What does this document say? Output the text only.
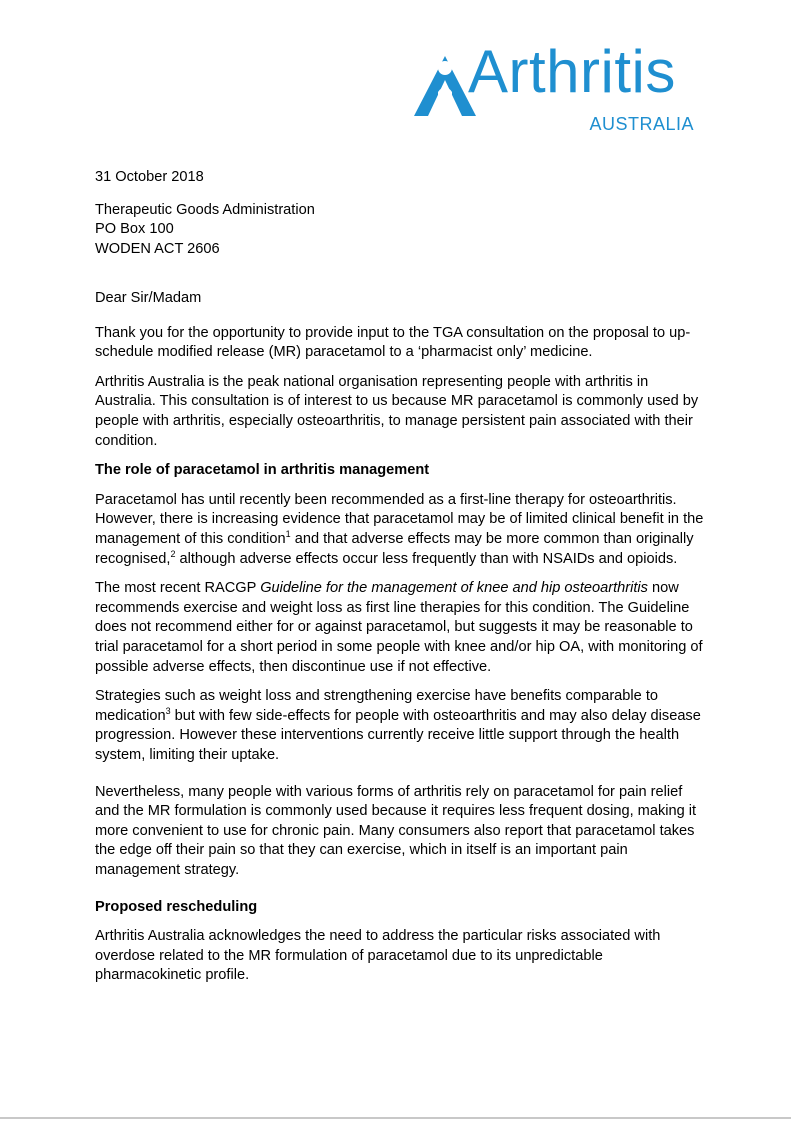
Arthritis
AUSTRALIA

31 October 2018

Therapeutic Goods Administration
PO Box 100
WODEN ACT 2606

Dear Sir/Madam

Thank you for the opportunity to provide input to the TGA consultation on the proposal to up-schedule modified release (MR) paracetamol to a ‘pharmacist only’ medicine.

Arthritis Australia is the peak national organisation representing people with arthritis in Australia. This consultation is of interest to us because MR paracetamol is commonly used by people with arthritis, especially osteoarthritis, to manage persistent pain associated with their condition.

The role of paracetamol in arthritis management

Paracetamol has until recently been recommended as a first-line therapy for osteoarthritis. However, there is increasing evidence that paracetamol may be of limited clinical benefit in the management of this condition$^1$ and that adverse effects may be more common than originally recognised,$^2$ although adverse effects occur less frequently than with NSAIDs and opioids.

The most recent RACGP Guideline for the management of knee and hip osteoarthritis now recommends exercise and weight loss as first line therapies for this condition. The Guideline does not recommend either for or against paracetamol, but suggests it may be reasonable to trial paracetamol for a short period in some people with knee and/or hip OA, with monitoring of possible adverse effects, then discontinue use if not effective.

Strategies such as weight loss and strengthening exercise have benefits comparable to medication$^3$ but with few side-effects for people with osteoarthritis and may also delay disease progression. However these interventions currently receive little support through the health system, limiting their uptake.

Nevertheless, many people with various forms of arthritis rely on paracetamol for pain relief and the MR formulation is commonly used because it requires less frequent dosing, making it more convenient to use for chronic pain. Many consumers also report that paracetamol takes the edge off their pain so that they can exercise, which in itself is an important pain management strategy.

Proposed rescheduling

Arthritis Australia acknowledges the need to address the particular risks associated with overdose related to the MR formulation of paracetamol due to its unpredictable pharmacokinetic profile.
